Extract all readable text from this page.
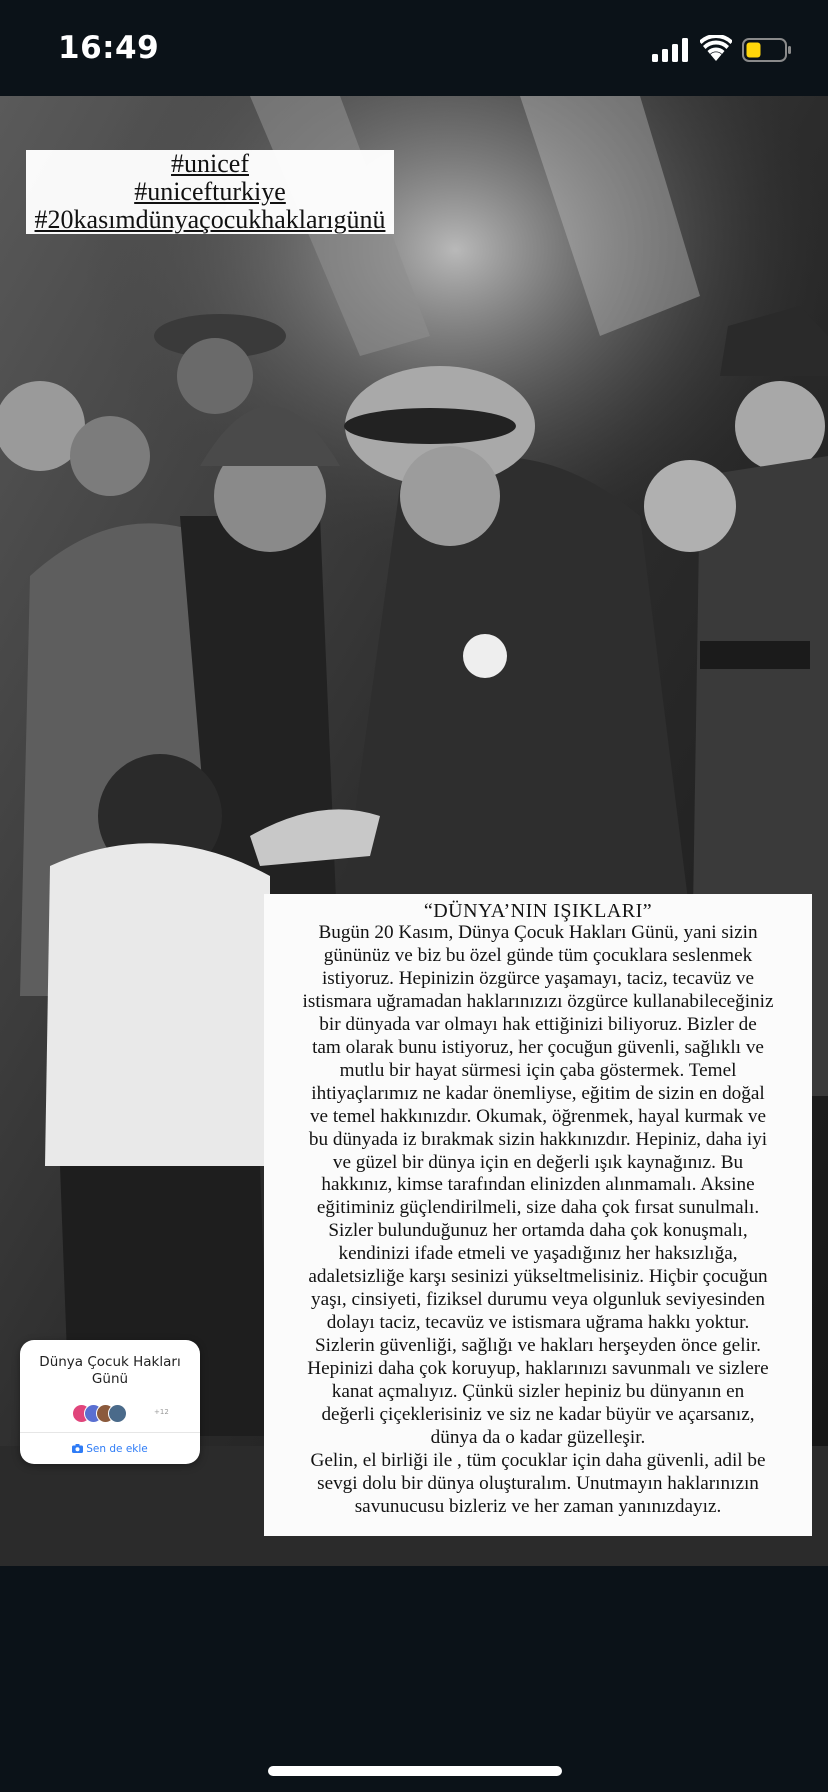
16:49
#unicef
#unicefturkiye
#20kasımdünyaçocukhaklarıgünü
“DÜNYA’NIN IŞIKLARI”
Bugün 20 Kasım, Dünya Çocuk Hakları Günü, yani sizin
gününüz ve biz bu özel günde tüm çocuklara seslenmek
istiyoruz. Hepinizin özgürce yaşamayı, taciz, tecavüz ve
istismara uğramadan haklarınızızı özgürce kullanabileceğiniz
bir dünyada var olmayı hak ettiğinizi biliyoruz. Bizler de
tam olarak bunu istiyoruz, her çocuğun güvenli, sağlıklı ve
mutlu bir hayat sürmesi için çaba göstermek. Temel
ihtiyaçlarımız ne kadar önemliyse, eğitim de sizin en doğal
ve temel hakkınızdır. Okumak, öğrenmek, hayal kurmak ve
bu dünyada iz bırakmak sizin hakkınızdır. Hepiniz, daha iyi
ve güzel bir dünya için en değerli ışık kaynağınız. Bu
hakkınız, kimse tarafından elinizden alınmamalı. Aksine
eğitiminiz güçlendirilmeli, size daha çok fırsat sunulmalı.
Sizler bulunduğunuz her ortamda daha çok konuşmalı,
kendinizi ifade etmeli ve yaşadığınız her haksızlığa,
adaletsizliğe karşı sesinizi yükseltmelisiniz. Hiçbir çocuğun
yaşı, cinsiyeti, fiziksel durumu veya olgunluk seviyesinden
dolayı taciz, tecavüz ve istismara uğrama hakkı yoktur.
Sizlerin güvenliği, sağlığı ve hakları herşeyden önce gelir.
Hepinizi daha çok koruyup, haklarınızı savunmalı ve sizlere
kanat açmalıyız. Çünkü sizler hepiniz bu dünyanın en
değerli çiçeklerisiniz ve siz ne kadar büyür ve açarsanız,
dünya da o kadar güzelleşir.
Gelin, el birliği ile , tüm çocuklar için daha güvenli, adil be
sevgi dolu bir dünya oluşturalım. Unutmayın haklarınızın
savunucusu bizleriz ve her zaman yanınızdayız.
Dünya Çocuk Hakları Günü
+12
Sen de ekle
